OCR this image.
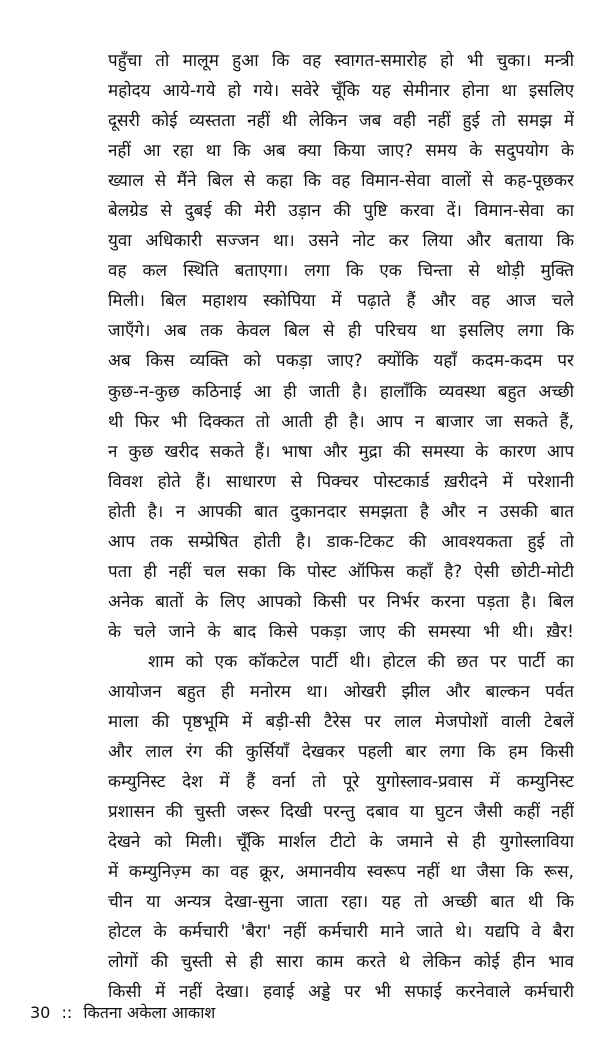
पहुँचा तो मालूम हुआ कि वह स्वागत-समारोह हो भी चुका। मन्त्री
महोदय आये-गये हो गये। सवेरे चूँकि यह सेमीनार होना था इसलिए
दूसरी कोई व्यस्तता नहीं थी लेकिन जब वही नहीं हुई तो समझ में
नहीं आ रहा था कि अब क्या किया जाए? समय के सदुपयोग के
ख्याल से मैंने बिल से कहा कि वह विमान-सेवा वालों से कह-पूछकर
बेलग्रेड से दुबई की मेरी उड़ान की पुष्टि करवा दें। विमान-सेवा का
युवा अधिकारी सज्जन था। उसने नोट कर लिया और बताया कि
वह कल स्थिति बताएगा। लगा कि एक चिन्ता से थोड़ी मुक्ति
मिली। बिल महाशय स्कोपिया में पढ़ाते हैं और वह आज चले
जाएँगे। अब तक केवल बिल से ही परिचय था इसलिए लगा कि
अब किस व्यक्ति को पकड़ा जाए? क्योंकि यहाँ कदम-कदम पर
कुछ-न-कुछ कठिनाई आ ही जाती है। हालाँकि व्यवस्था बहुत अच्छी
थी फिर भी दिक्कत तो आती ही है। आप न बाजार जा सकते हैं,
न कुछ खरीद सकते हैं। भाषा और मुद्रा की समस्या के कारण आप
विवश होते हैं। साधारण से पिक्चर पोस्टकार्ड ख़रीदने में परेशानी
होती है। न आपकी बात दुकानदार समझता है और न उसकी बात
आप तक सम्प्रेषित होती है। डाक-टिकट की आवश्यकता हुई तो
पता ही नहीं चल सका कि पोस्ट ऑफिस कहाँ है? ऐसी छोटी-मोटी
अनेक बातों के लिए आपको किसी पर निर्भर करना पड़ता है। बिल
के चले जाने के बाद किसे पकड़ा जाए की समस्या भी थी। ख़ैर!
शाम को एक कॉकटेल पार्टी थी। होटल की छत पर पार्टी का
आयोजन बहुत ही मनोरम था। ओखरी झील और बाल्कन पर्वत
माला की पृष्ठभूमि में बड़ी-सी टैरेस पर लाल मेजपोशों वाली टेबलें
और लाल रंग की कुर्सियाँ देखकर पहली बार लगा कि हम किसी
कम्युनिस्ट देश में हैं वर्ना तो पूरे युगोस्लाव-प्रवास में कम्युनिस्ट
प्रशासन की चुस्ती जरूर दिखी परन्तु दबाव या घुटन जैसी कहीं नहीं
देखने को मिली। चूँकि मार्शल टीटो के जमाने से ही युगोस्लाविया
में कम्युनिज़्म का वह क्रूर, अमानवीय स्वरूप नहीं था जैसा कि रूस,
चीन या अन्यत्र देखा-सुना जाता रहा। यह तो अच्छी बात थी कि
होटल के कर्मचारी 'बैरा' नहीं कर्मचारी माने जाते थे। यद्यपि वे बैरा
लोगों की चुस्ती से ही सारा काम करते थे लेकिन कोई हीन भाव
किसी में नहीं देखा। हवाई अड्डे पर भी सफाई करनेवाले कर्मचारी
30 :: कितना अकेला आकाश
